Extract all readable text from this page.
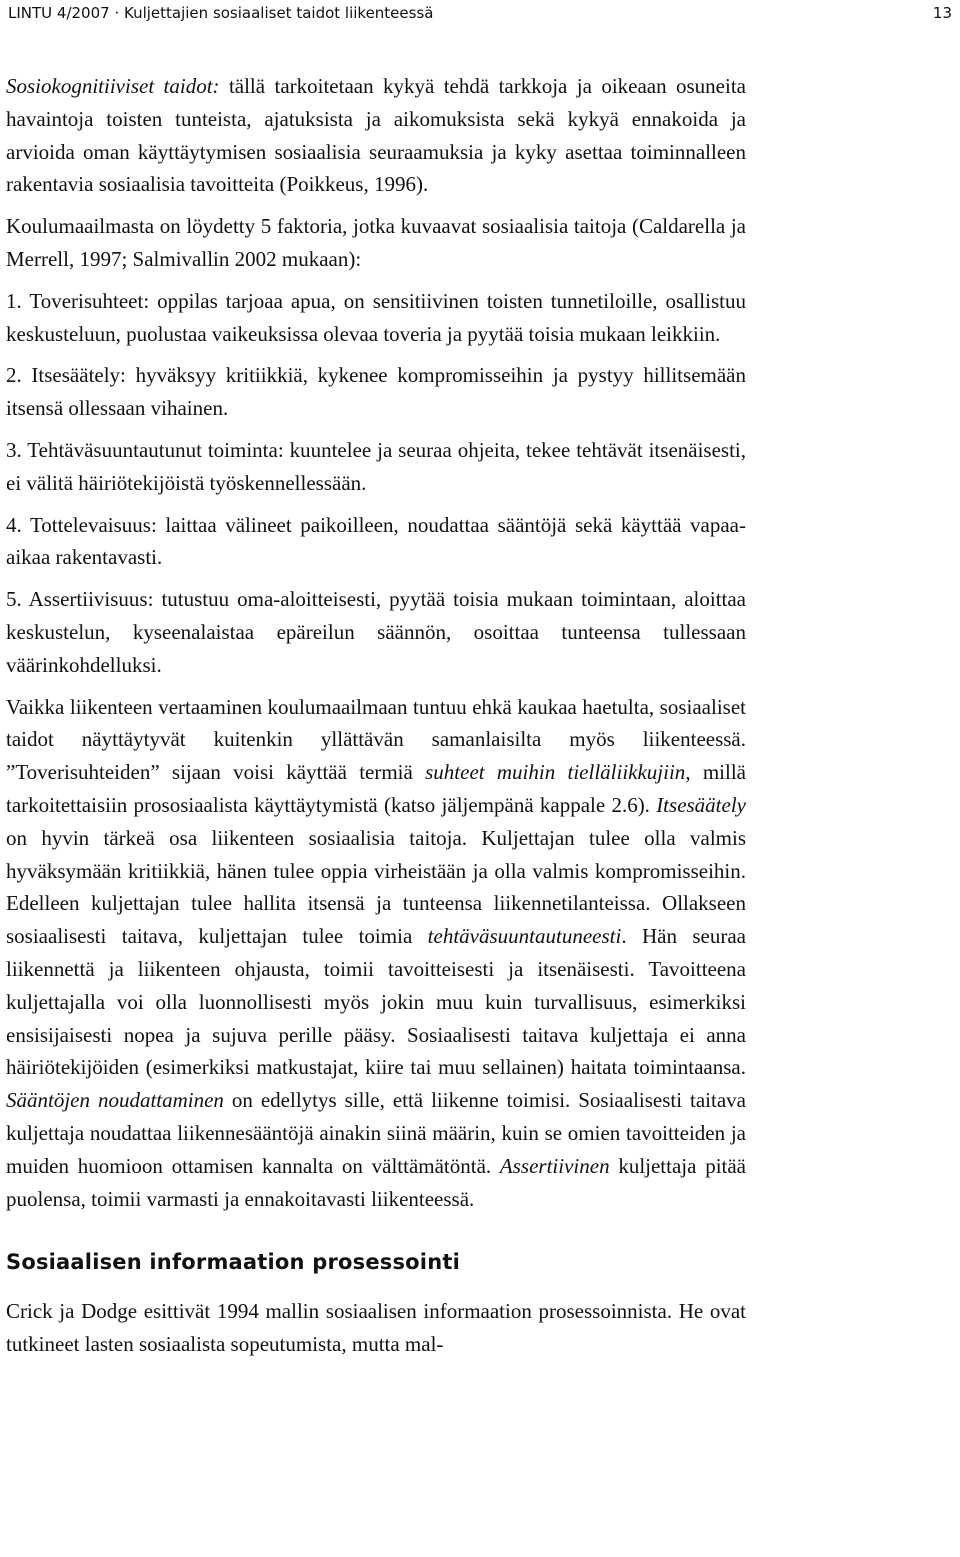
LINTU 4/2007 · Kuljettajien sosiaaliset taidot liikenteessä	13

Sosiokognitiiviset taidot: tällä tarkoitetaan kykyä tehdä tarkkoja ja oikeaan osuneita havaintoja toisten tunteista, ajatuksista ja aikomuksista sekä kykyä ennakoida ja arvioida oman käyttäytymisen sosiaalisia seuraamuksia ja kyky asettaa toiminnalleen rakentavia sosiaalisia tavoitteita (Poikkeus, 1996).

Koulumaailmasta on löydetty 5 faktoria, jotka kuvaavat sosiaalisia taitoja (Caldarella ja Merrell, 1997; Salmivallin 2002 mukaan):

1. Toverisuhteet: oppilas tarjoaa apua, on sensitiivinen toisten tunnetiloille, osallistuu keskusteluun, puolustaa vaikeuksissa olevaa toveria ja pyytää toisia mukaan leikkiin.

2. Itsesäätely: hyväksyy kritiikkiä, kykenee kompromisseihin ja pystyy hillitsemään itsensä ollessaan vihainen.

3. Tehtäväsuuntautunut toiminta: kuuntelee ja seuraa ohjeita, tekee tehtävät itsenäisesti, ei välitä häiriötekijöistä työskennellessään.

4. Tottelevaisuus: laittaa välineet paikoilleen, noudattaa sääntöjä sekä käyttää vapaa-aikaa rakentavasti.

5. Assertiivisuus: tutustuu oma-aloitteisesti, pyytää toisia mukaan toimintaan, aloittaa keskustelun, kyseenalaistaa epäreilun säännön, osoittaa tunteensa tullessaan väärinkohdelluksi.

Vaikka liikenteen vertaaminen koulumaailmaan tuntuu ehkä kaukaa haetulta, sosiaaliset taidot näyttäytyvät kuitenkin yllättävän samanlaisilta myös liikenteessä. ”Toverisuhteiden” sijaan voisi käyttää termiä suhteet muihin tielläliikkujiin, millä tarkoitettaisiin prososiaalista käyttäytymistä (katso jäljempänä kappale 2.6). Itsesäätely on hyvin tärkeä osa liikenteen sosiaalisia taitoja. Kuljettajan tulee olla valmis hyväksymään kritiikkiä, hänen tulee oppia virheistään ja olla valmis kompromisseihin. Edelleen kuljettajan tulee hallita itsensä ja tunteensa liikennetilanteissa. Ollakseen sosiaalisesti taitava, kuljettajan tulee toimia tehtäväsuuntautuneesti. Hän seuraa liikennettä ja liikenteen ohjausta, toimii tavoitteisesti ja itsenäisesti. Tavoitteena kuljettajalla voi olla luonnollisesti myös jokin muu kuin turvallisuus, esimerkiksi ensisijaisesti nopea ja sujuva perille pääsy. Sosiaalisesti taitava kuljettaja ei anna häiriötekijöiden (esimerkiksi matkustajat, kiire tai muu sellainen) haitata toimintaansa. Sääntöjen noudattaminen on edellytys sille, että liikenne toimisi. Sosiaalisesti taitava kuljettaja noudattaa liikennesääntöjä ainakin siinä määrin, kuin se omien tavoitteiden ja muiden huomioon ottamisen kannalta on välttämätöntä. Assertiivinen kuljettaja pitää puolensa, toimii varmasti ja ennakoitavasti liikenteessä.

Sosiaalisen informaation prosessointi

Crick ja Dodge esittivät 1994 mallin sosiaalisen informaation prosessoinnista. He ovat tutkineet lasten sosiaalista sopeutumista, mutta mal-
